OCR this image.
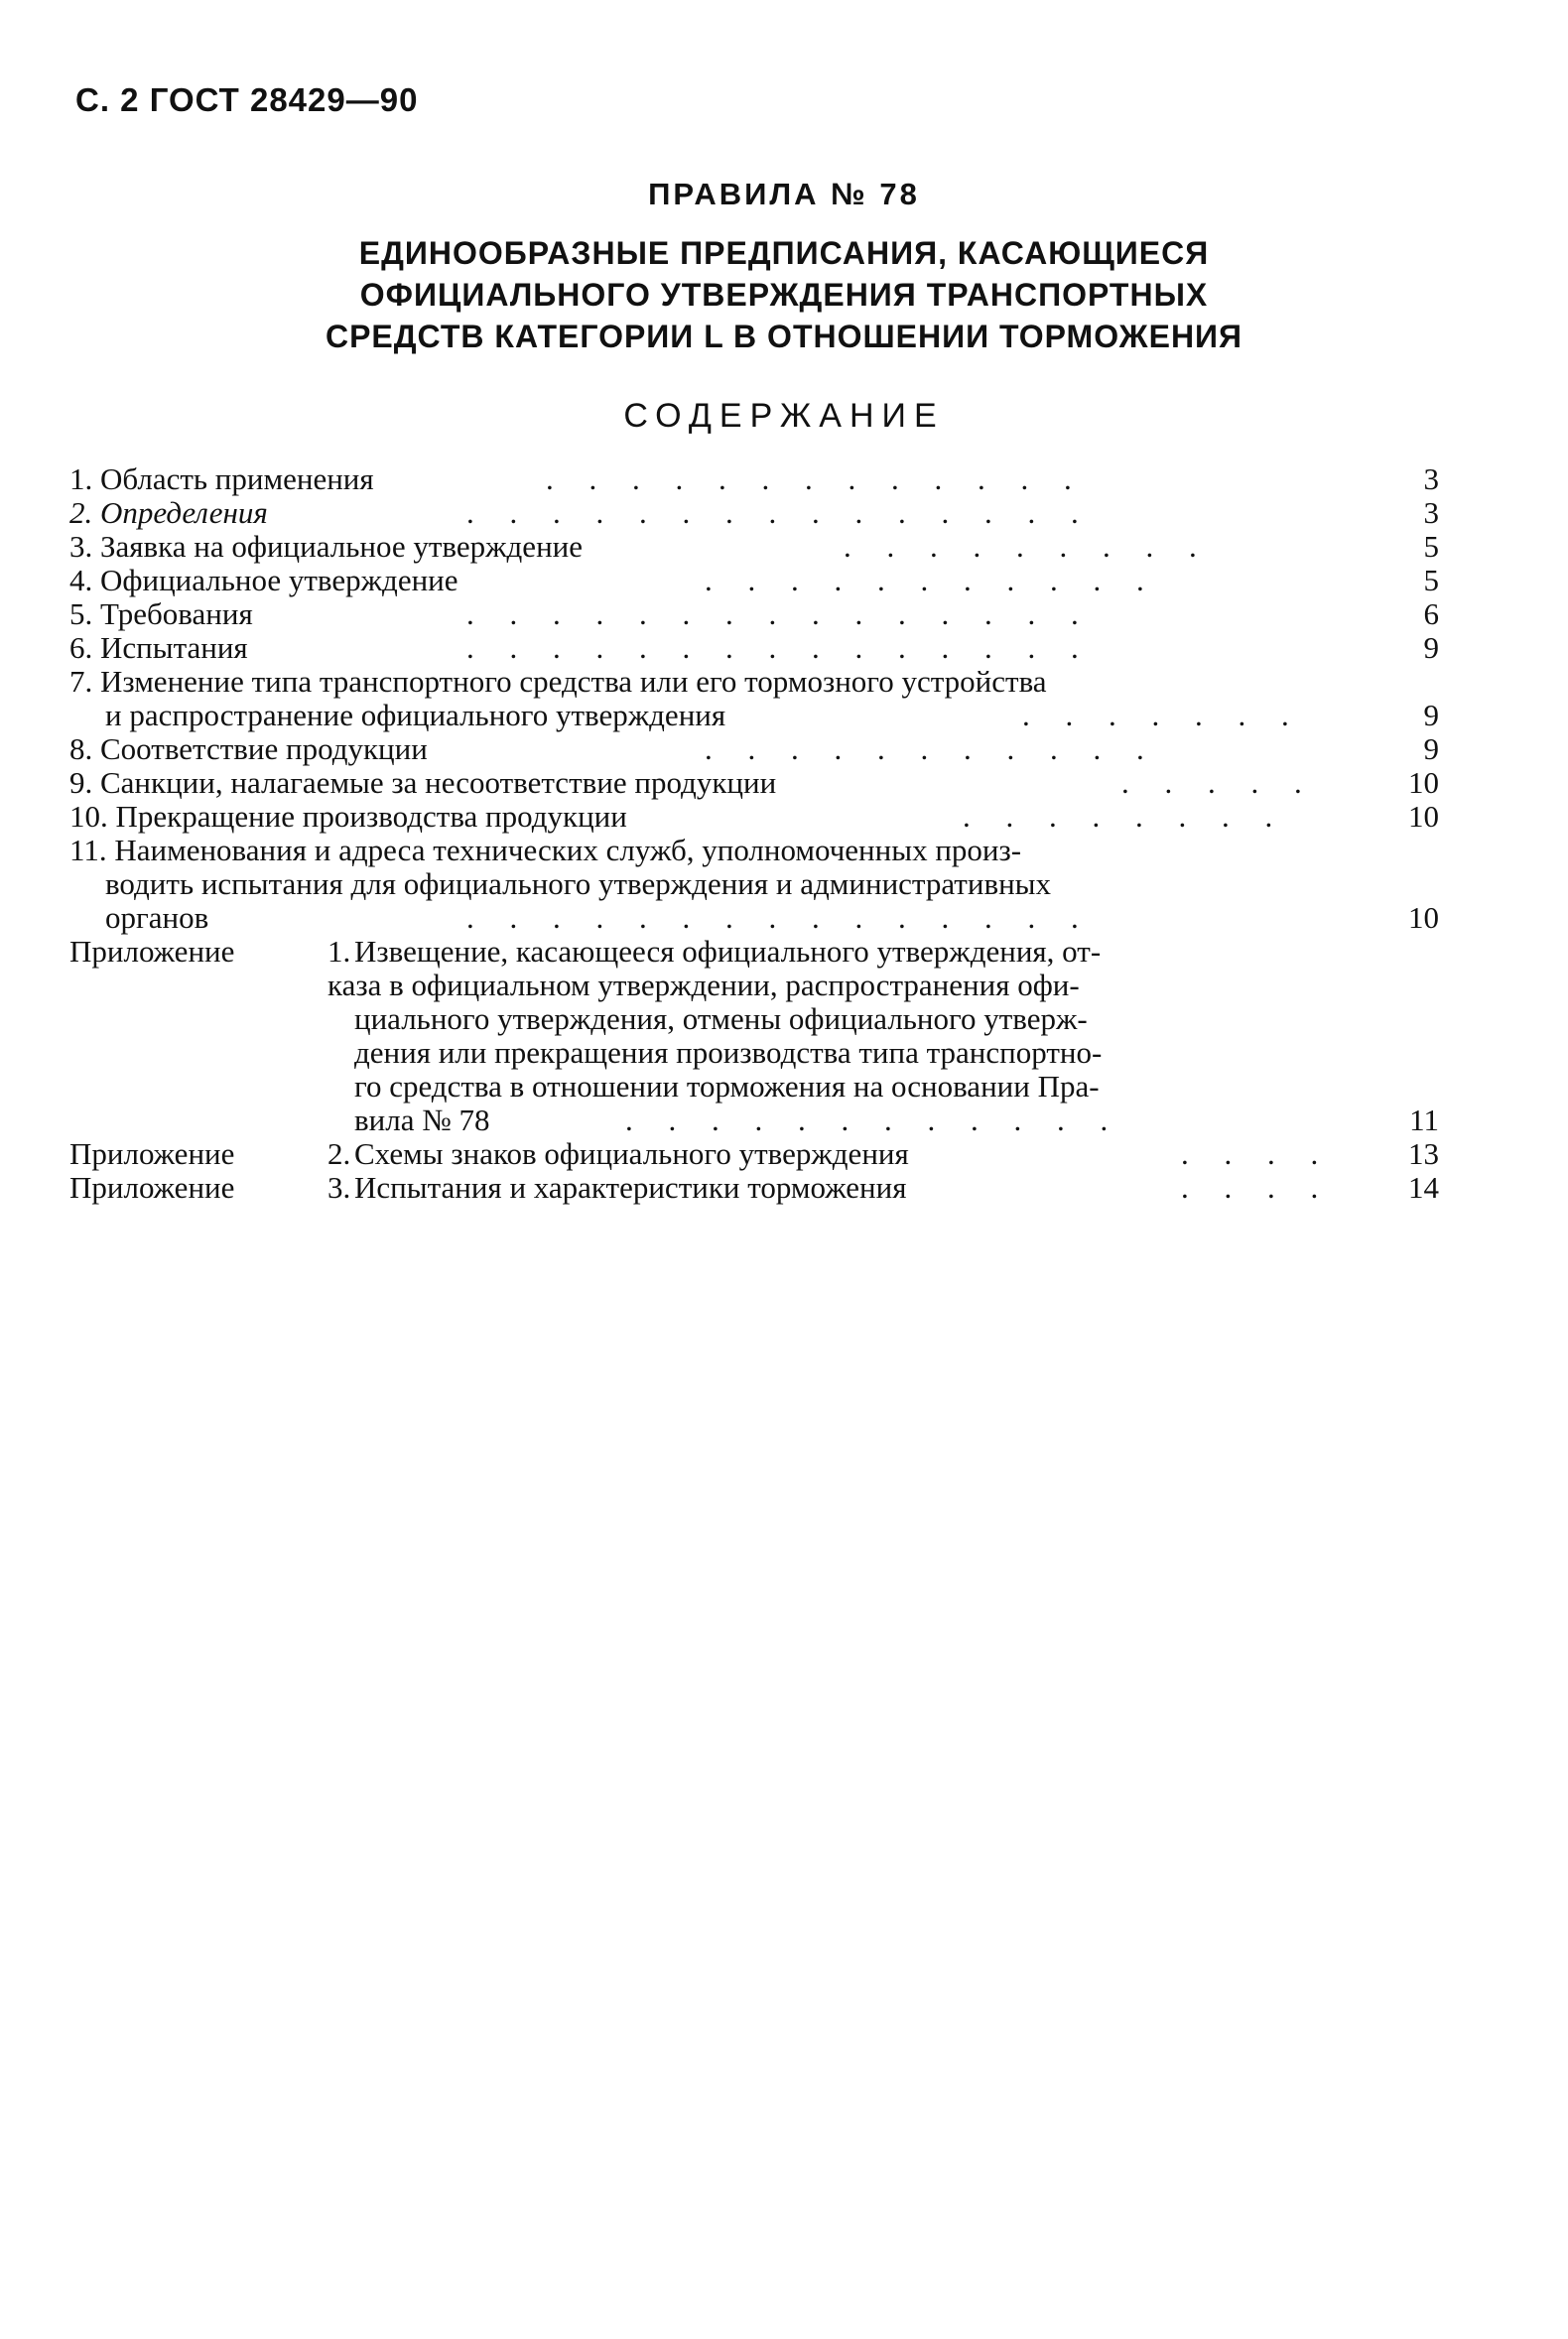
С. 2 ГОСТ 28429—90
ПРАВИЛА № 78
ЕДИНООБРАЗНЫЕ ПРЕДПИСАНИЯ, КАСАЮЩИЕСЯ
ОФИЦИАЛЬНОГО УТВЕРЖДЕНИЯ ТРАНСПОРТНЫХ
СРЕДСТВ КАТЕГОРИИ L В ОТНОШЕНИИ ТОРМОЖЕНИЯ
СОДЕРЖАНИЕ
1. Область применения	. . . . . . . . . . . . .	3
2. Определения	. . . . . . . . . . . . . . .	3
3. Заявка на официальное утверждение	. . . . . . . . .	5
4. Официальное утверждение	. . . . . . . . . . .	5
5. Требования	. . . . . . . . . . . . . . .	6
6. Испытания	. . . . . . . . . . . . . . .	9
7. Изменение типа транспортного средства или его тормозного устройства
и распространение официального утверждения	. . . . . . .	9
8. Соответствие продукции	. . . . . . . . . . .	9
9. Санкции, налагаемые за несоответствие продукции	. . . . .	10
10. Прекращение производства продукции	. . . . . . . .	10
11. Наименования и адреса технических служб, уполномоченных произ-
водить испытания для официального утверждения и административных
органов	. . . . . . . . . . . . . . .	10
Приложение	1. Извещение, касающееся официального утверждения, от-
каза в официальном утверждении, распространения офи-
циального утверждения, отмены официального утверж-
дения или прекращения производства типа транспортно-
го средства в отношении торможения на основании Пра-
вила № 78	. . . . . . . . . . . .	11
Приложение	2. Схемы знаков официального утверждения	. . . .	13
Приложение	3. Испытания и характеристики торможения	. . . .	14
